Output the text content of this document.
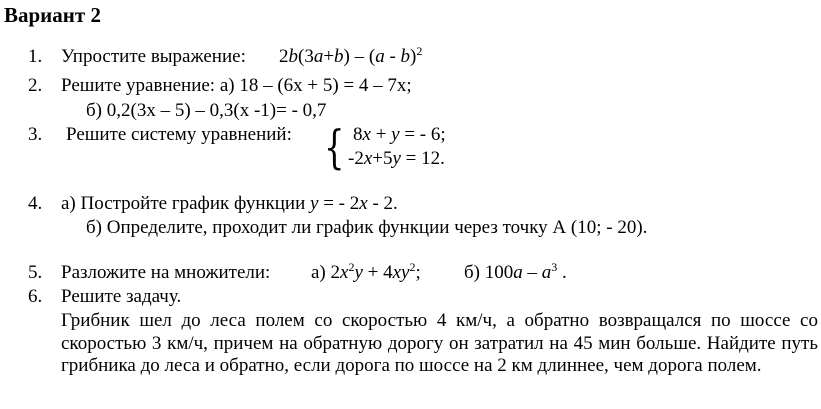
Вариант 2
1. Упростите выражение: 2b(3a+b) – (a - b)$^2$
2. Решите уравнение: а) 18 – (6х + 5) = 4 – 7х;
б) 0,2(3х – 5) – 0,3(х -1)= - 0,7
3.	Решите систему уравнений: { 8x + y = - 6;
-2x+5y = 12.
4. а) Постройте график функции y = - 2x - 2.
б) Определите, проходит ли график функции через точку А (10; - 20).
5. Разложите на множители: а) $2x^2y + 4xy^2$; б) $100a - a^3$ .
6. Решите задачу.
Грибник шел до леса полем со скоростью 4 км/ч, а обратно возвращался по шоссе со скоростью 3 км/ч, причем на обратную дорогу он затратил на 45 мин больше. Найдите путь грибника до леса и обратно, если дорога по шоссе на 2 км длиннее, чем дорога полем.
